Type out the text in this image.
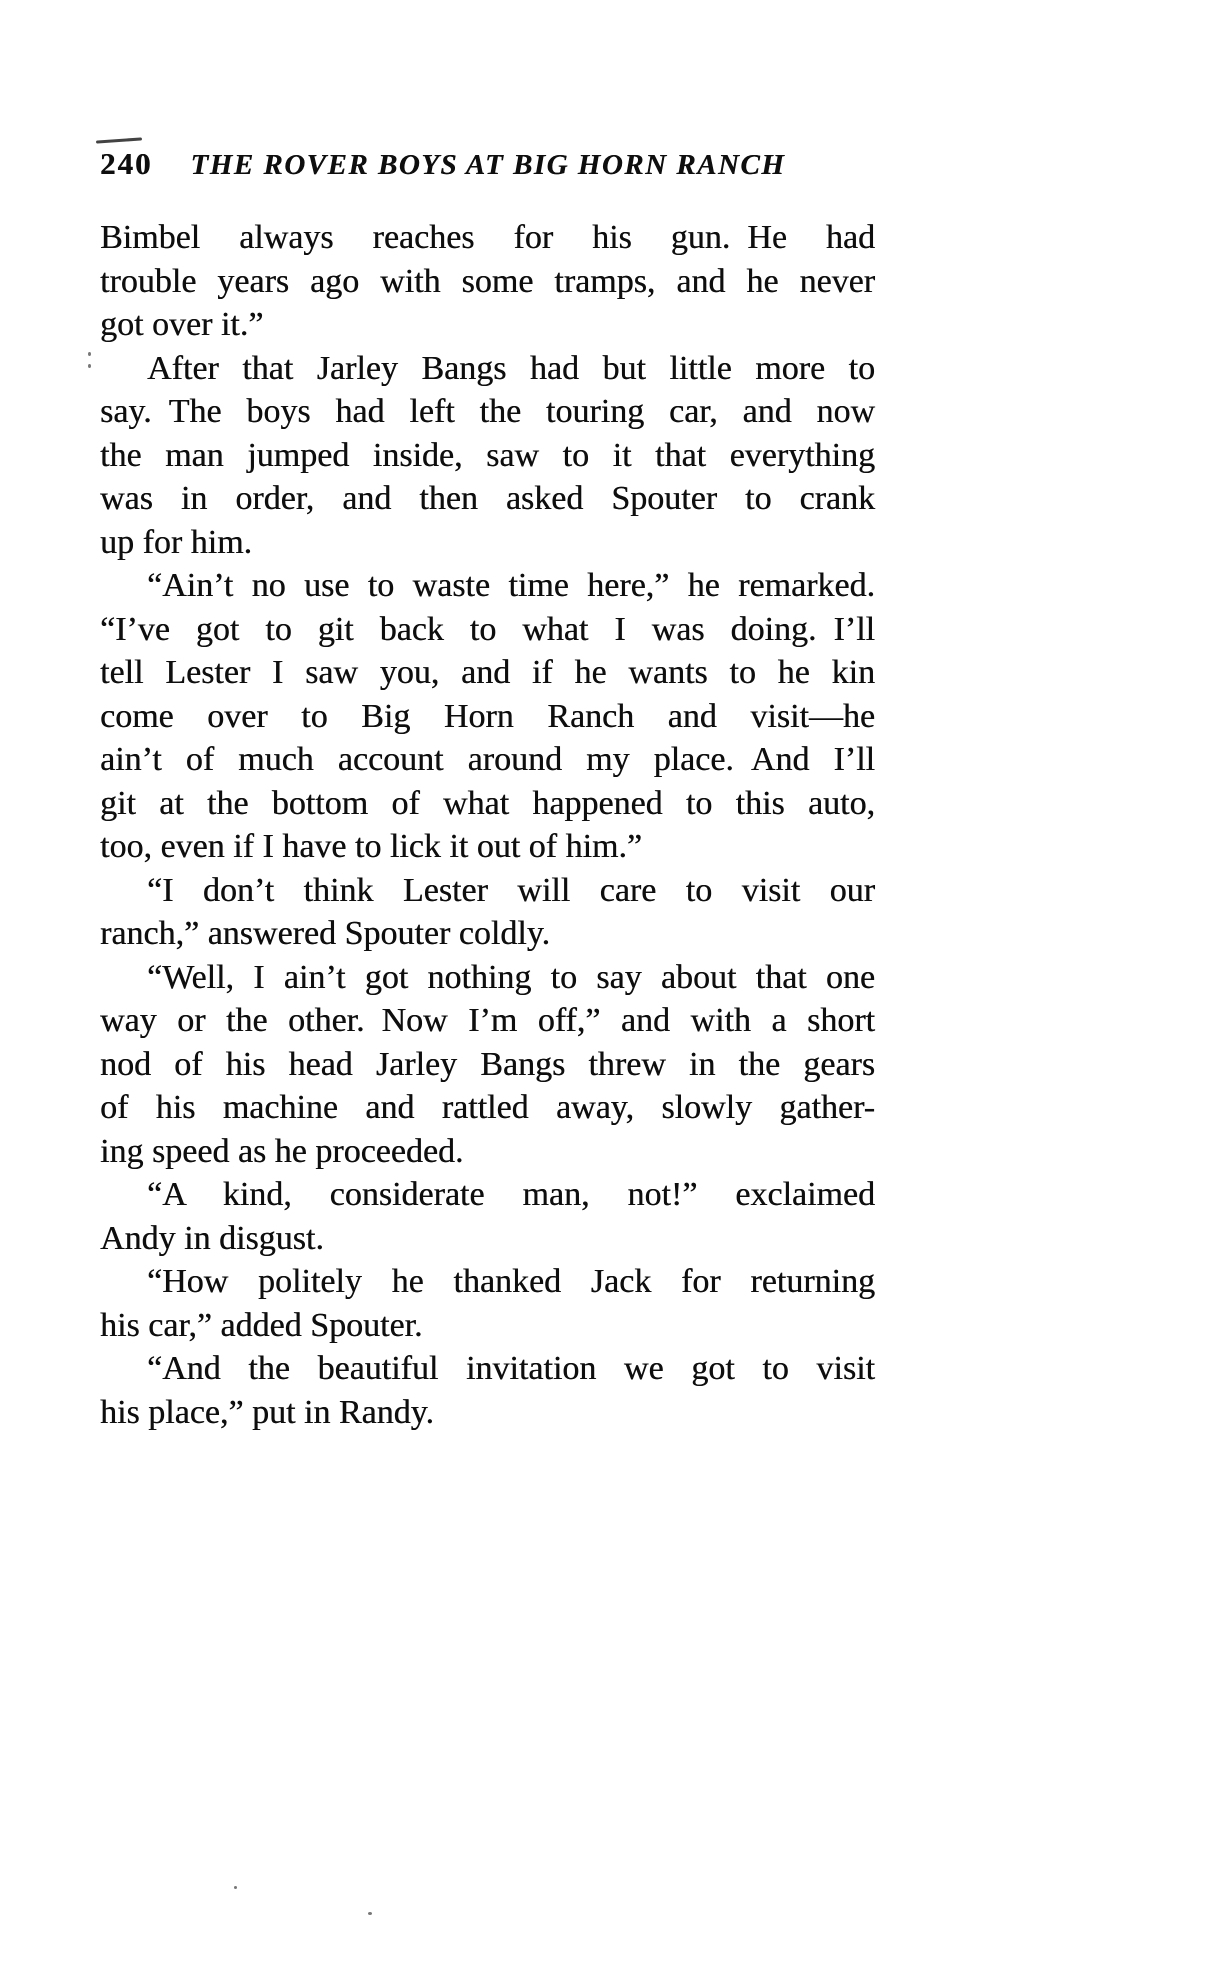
240 THE ROVER BOYS AT BIG HORN RANCH
Bimbel always reaches for his gun. He had
trouble years ago with some tramps, and he never
got over it.”
After that Jarley Bangs had but little more to
say. The boys had left the touring car, and now
the man jumped inside, saw to it that everything
was in order, and then asked Spouter to crank
up for him.
“Ain’t no use to waste time here,” he remarked.
“I’ve got to git back to what I was doing. I’ll
tell Lester I saw you, and if he wants to he kin
come over to Big Horn Ranch and visit—he
ain’t of much account around my place. And I’ll
git at the bottom of what happened to this auto,
too, even if I have to lick it out of him.”
“I don’t think Lester will care to visit our
ranch,” answered Spouter coldly.
“Well, I ain’t got nothing to say about that one
way or the other. Now I’m off,” and with a short
nod of his head Jarley Bangs threw in the gears
of his machine and rattled away, slowly gather-
ing speed as he proceeded.
“A kind, considerate man, not!” exclaimed
Andy in disgust.
“How politely he thanked Jack for returning
his car,” added Spouter.
“And the beautiful invitation we got to visit
his place,” put in Randy.
